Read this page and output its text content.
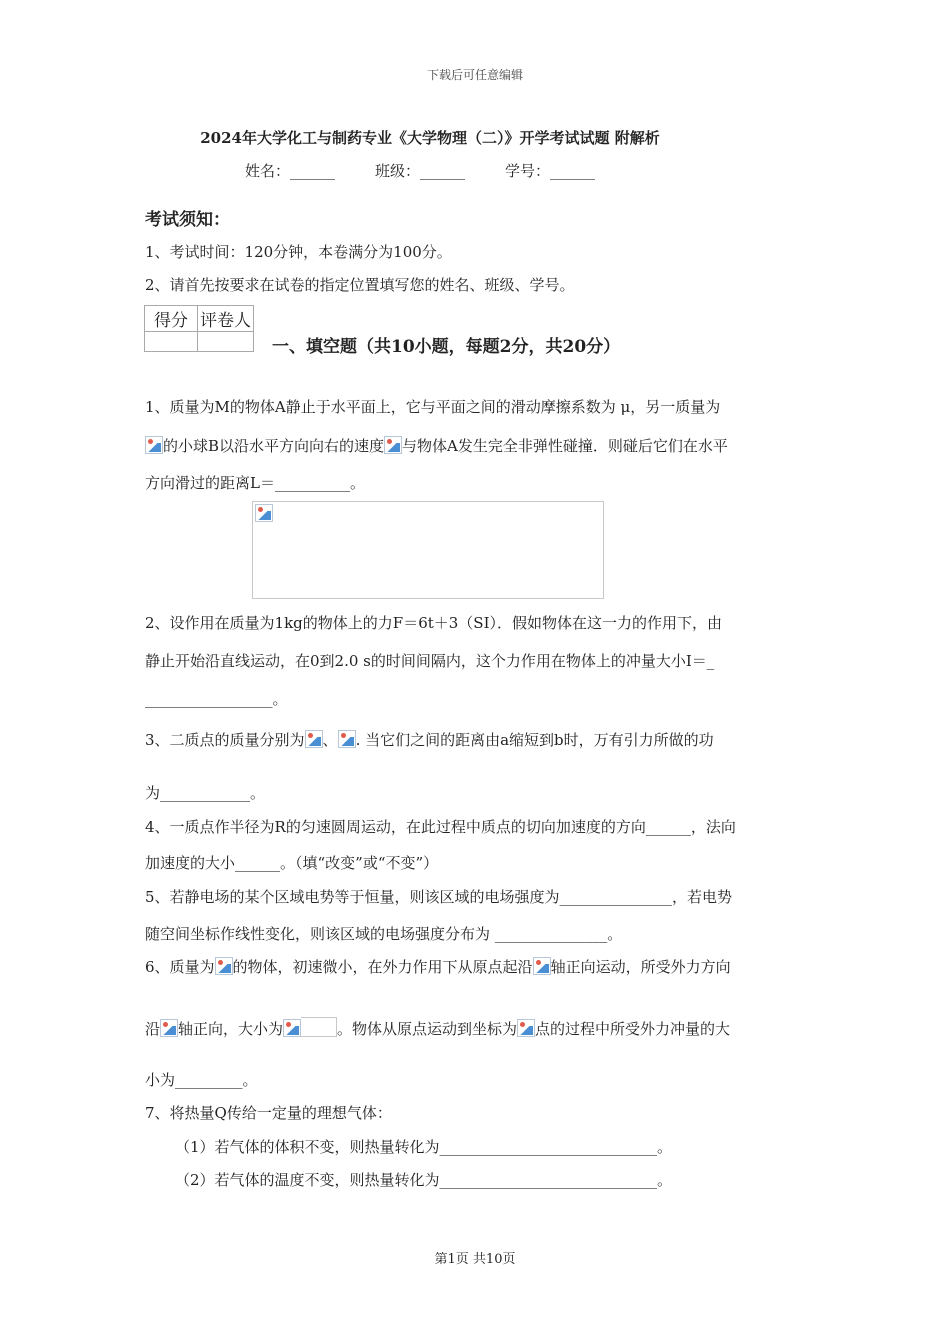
下载后可任意编辑
2024年大学化工与制药专业《大学物理（二）》开学考试试题 附解析
姓名：______	班级：______	学号：______
考试须知：
1、考试时间：120分钟，本卷满分为100分。
2、请首先按要求在试卷的指定位置填写您的姓名、班级、学号。
得分	评卷人

一、填空题（共10小题，每题2分，共20分）
1、质量为M的物体A静止于水平面上，它与平面之间的滑动摩擦系数为 μ，另一质量为
的小球B以沿水平方向向右的速度 与物体A发生完全非弹性碰撞．则碰后它们在水平
方向滑过的距离L＝__________。
2、设作用在质量为1kg的物体上的力F＝6t＋3（SI）．假如物体在这一力的作用下，由
静止开始沿直线运动，在0到2.0 s的时间间隔内，这个力作用在物体上的冲量大小I＝_
_________________。
3、二质点的质量分别为 、 . 当它们之间的距离由a缩短到b时，万有引力所做的功
为____________。
4、一质点作半径为R的匀速圆周运动，在此过程中质点的切向加速度的方向______，法向
加速度的大小______。（填“改变”或“不变”）
5、若静电场的某个区域电势等于恒量，则该区域的电场强度为_______________，若电势
随空间坐标作线性变化，则该区域的电场强度分布为 _______________。
6、质量为 的物体，初速微小，在外力作用下从原点起沿 轴正向运动，所受外力方向
沿 轴正向，大小为	。物体从原点运动到坐标为 点的过程中所受外力冲量的大
小为_________。
7、将热量Q传给一定量的理想气体：
（1）若气体的体积不变，则热量转化为_____________________________。
（2）若气体的温度不变，则热量转化为_____________________________。
第1页 共10页
